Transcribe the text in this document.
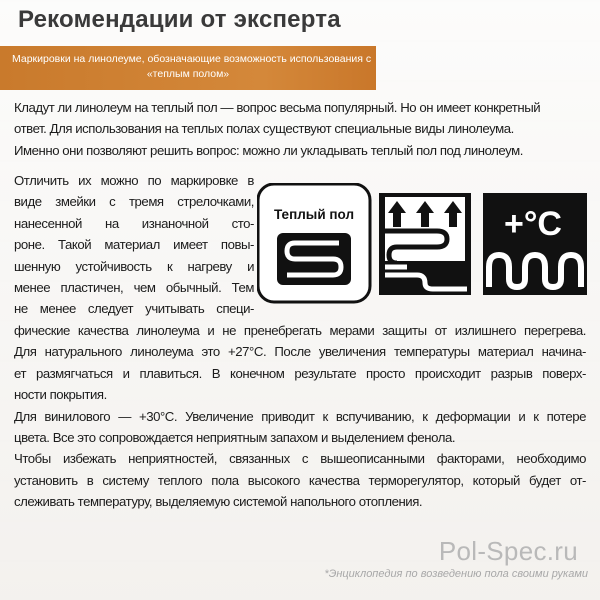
Рекомендации от эксперта
Маркировки на линолеуме, обозначающие возможность использования с
«теплым полом»
Кладут ли линолеум на теплый пол — вопрос весьма популярный. Но он имеет конкретный
ответ. Для использования на теплых полах существуют специальные виды линолеума.
Именно они позволяют решить вопрос: можно ли укладывать теплый пол под линолеум.
Отличить их можно по маркировке в
виде змейки с тремя стрелочками,
нанесенной на изнаночной сто-
роне. Такой материал имеет повы-
шенную устойчивость к нагреву и
менее пластичен, чем обычный. Тем
не менее следует учитывать специ-
Теплый пол	+°C
фические качества линолеума и не пренебрегать мерами защиты от излишнего перегрева.
Для натурального линолеума это +27°C. После увеличения температуры материал начина-
ет размягчаться и плавиться. В конечном результате просто происходит разрыв поверх-
ности покрытия.
Для винилового — +30°C. Увеличение приводит к вспучиванию, к деформации и к потере
цвета. Все это сопровождается неприятным запахом и выделением фенола.
Чтобы избежать неприятностей, связанных с вышеописанными факторами, необходимо
установить в систему теплого пола высокого качества терморегулятор, который будет от-
слеживать температуру, выделяемую системой напольного отопления.
Pol-Spec.ru
*Энциклопедия по возведению пола своими руками
